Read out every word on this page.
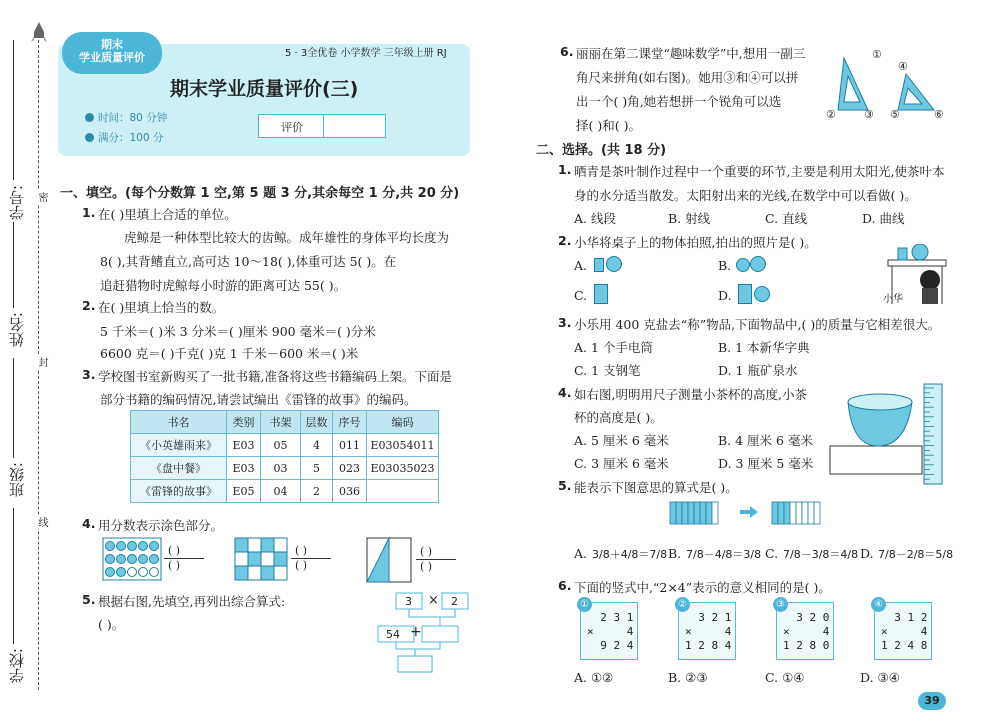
学号:
姓名:
班级:
学校:
密
封
线
期末
学业质量评价	5 · 3全优卷 小学数学 三年级上册 RJ
期末学业质量评价(三)
时间：80 分钟
满分：100 分
评价
一、填空。(每个分数算 1 空,第 5 题 3 分,其余每空 1 分,共 20 分)
1. 在( )里填上合适的单位。
虎鲸是一种体型比较大的齿鲸。成年雄性的身体平均长度为
8( ),其背鳍直立,高可达 10～18( ),体重可达 5( )。在
追赶猎物时虎鲸每小时游的距离可达 55( )。
2. 在( )里填上恰当的数。
5 千米＝( )米 3 分米＝( )厘米 900 毫米＝( )分米
6600 克＝( )千克( )克 1 千米－600 米＝( )米
3. 学校图书室新购买了一批书籍,准备将这些书籍编码上架。下面是
部分书籍的编码情况,请尝试编出《雷锋的故事》的编码。
书名	类别	书架	层数	序号	编码
《小英雄雨来》	E03	05	4	011	E03054011
《盘中餐》	E03	03	5	023	E03035023
《雷锋的故事》	E05	04	2	036	
4. 用分数表示涂色部分。
( )
( )
( )
( )
( )
( )
5. 根据右图,先填空,再列出综合算式:
( )。
3 × 2
54 +
6. 丽丽在第二课堂“趣味数学”中,想用一副三
角尺来拼角(如右图)。她用③和④可以拼
出一个( )角,她若想拼一个锐角可以选
择( )和( )。
①
②	③
④
⑤	⑥
二、选择。(共 18 分)
1. 晒青是茶叶制作过程中一个重要的环节,主要是利用太阳光,使茶叶本
身的水分适当散发。太阳射出来的光线,在数学中可以看做( )。
A. 线段	B. 射线	C. 直线	D. 曲线
2. 小华将桌子上的物体拍照,拍出的照片是( )。
A.	B.
C.	D.	小华
3. 小乐用 400 克盐去“称”物品,下面物品中,( )的质量与它相差很大。
A. 1 个手电筒	B. 1 本新华字典
C. 1 支钢笔	D. 1 瓶矿泉水
4. 如右图,明明用尺子测量小茶杯的高度,小茶
杯的高度是( )。
A. 5 厘米 6 毫米	B. 4 厘米 6 毫米
C. 3 厘米 6 毫米	D. 3 厘米 5 毫米
5. 能表示下图意思的算式是( )。
A.	B.	C.	D.
3/8＋4/8＝7/8 7/8－4/8＝3/8 7/8－3/8＝4/8 7/8－2/8＝5/8
6. 下面的竖式中,“2×4”表示的意义相同的是( )。
①
2 3 1
×     4
9 2 4
②
3 2 1
×     4
1 2 8 4
③
3 2 0
×     4
1 2 8 0
④
3 1 2
×     4
1 2 4 8
A. ①②	B. ②③	C. ①④	D. ③④
39
